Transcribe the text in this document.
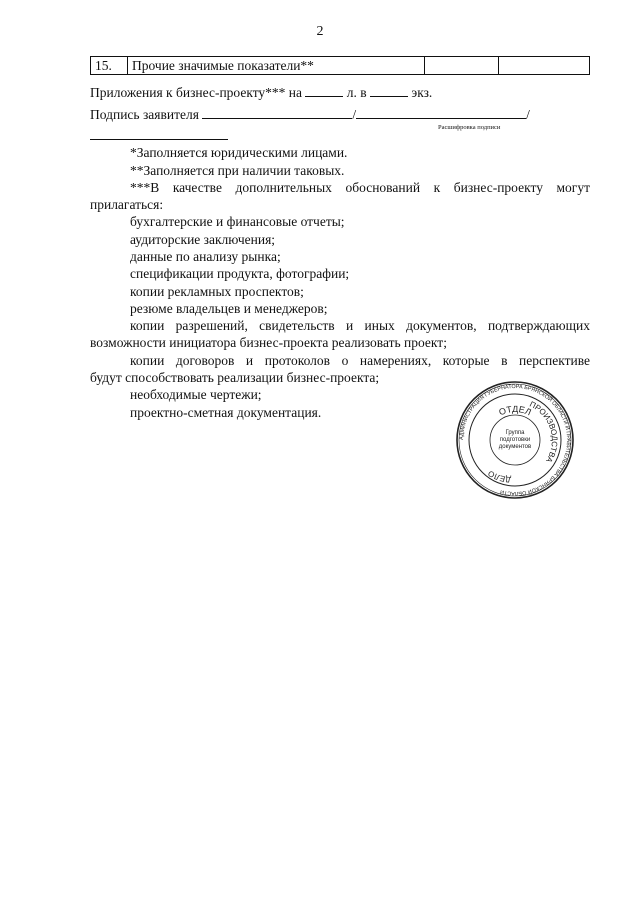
2
15. Прочие значимые показатели**
Приложения к бизнес-проекту*** на	л. в	экз.
Подпись заявителя	/	/
Расшифровка подписи
*Заполняется юридическими лицами.
**Заполняется при наличии таковых.
***В качестве дополнительных обоснований к бизнес-проекту могут
прилагаться:
бухгалтерские и финансовые отчеты;
аудиторские заключения;
данные по анализу рынка;
спецификации продукта, фотографии;
копии рекламных проспектов;
резюме владельцев и менеджеров;
копии разрешений, свидетельств и иных документов, подтверждающих
возможности инициатора бизнес-проекта реализовать проект;
копии договоров и протоколов о намерениях, которые в перспективе
будут способствовать реализации бизнес-проекта;
необходимые чертежи;
проектно-сметная документация.
АДМИНИСТРАЦИЯ ГУБЕРНАТОРА БРЯНСКОЙ ОБЛАСТИ И ПРАВИТЕЛЬСТВА БРЯНСКОЙ ОБЛАСТИ
ОТДЕЛ
ДЕЛО
ПРОИЗВОДСТВА
Группа
подготовки
документов
